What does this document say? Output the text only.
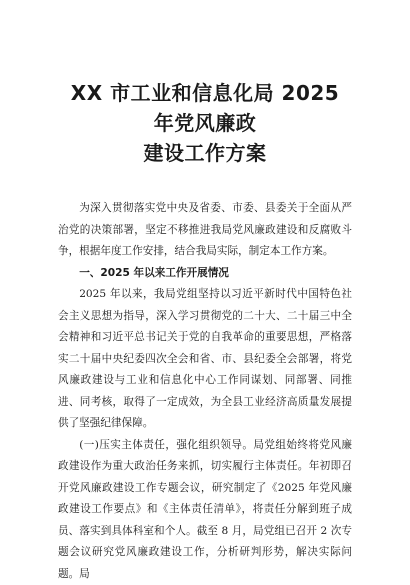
XX 市工业和信息化局 2025 年党风廉政
建设工作方案

为深入贯彻落实党中央及省委、市委、县委关于全面从严治党的决策部署，坚定不移推进我局党风廉政建设和反腐败斗争，根据年度工作安排，结合我局实际，制定本工作方案。

一、2025 年以来工作开展情况

2025 年以来，我局党组坚持以习近平新时代中国特色社会主义思想为指导，深入学习贯彻党的二十大、二十届三中全会精神和习近平总书记关于党的自我革命的重要思想，严格落实二十届中央纪委四次全会和省、市、县纪委全会部署，将党风廉政建设与工业和信息化中心工作同谋划、同部署、同推进、同考核，取得了一定成效，为全县工业经济高质量发展提供了坚强纪律保障。

(一)压实主体责任，强化组织领导。局党组始终将党风廉政建设作为重大政治任务来抓，切实履行主体责任。年初即召开党风廉政建设工作专题会议，研究制定了《2025 年党风廉政建设工作要点》和《主体责任清单》，将责任分解到班子成员、落实到具体科室和个人。截至 8 月，局党组已召开 2 次专题会议研究党风廉政建设工作，分析研判形势，解决实际问题。局
